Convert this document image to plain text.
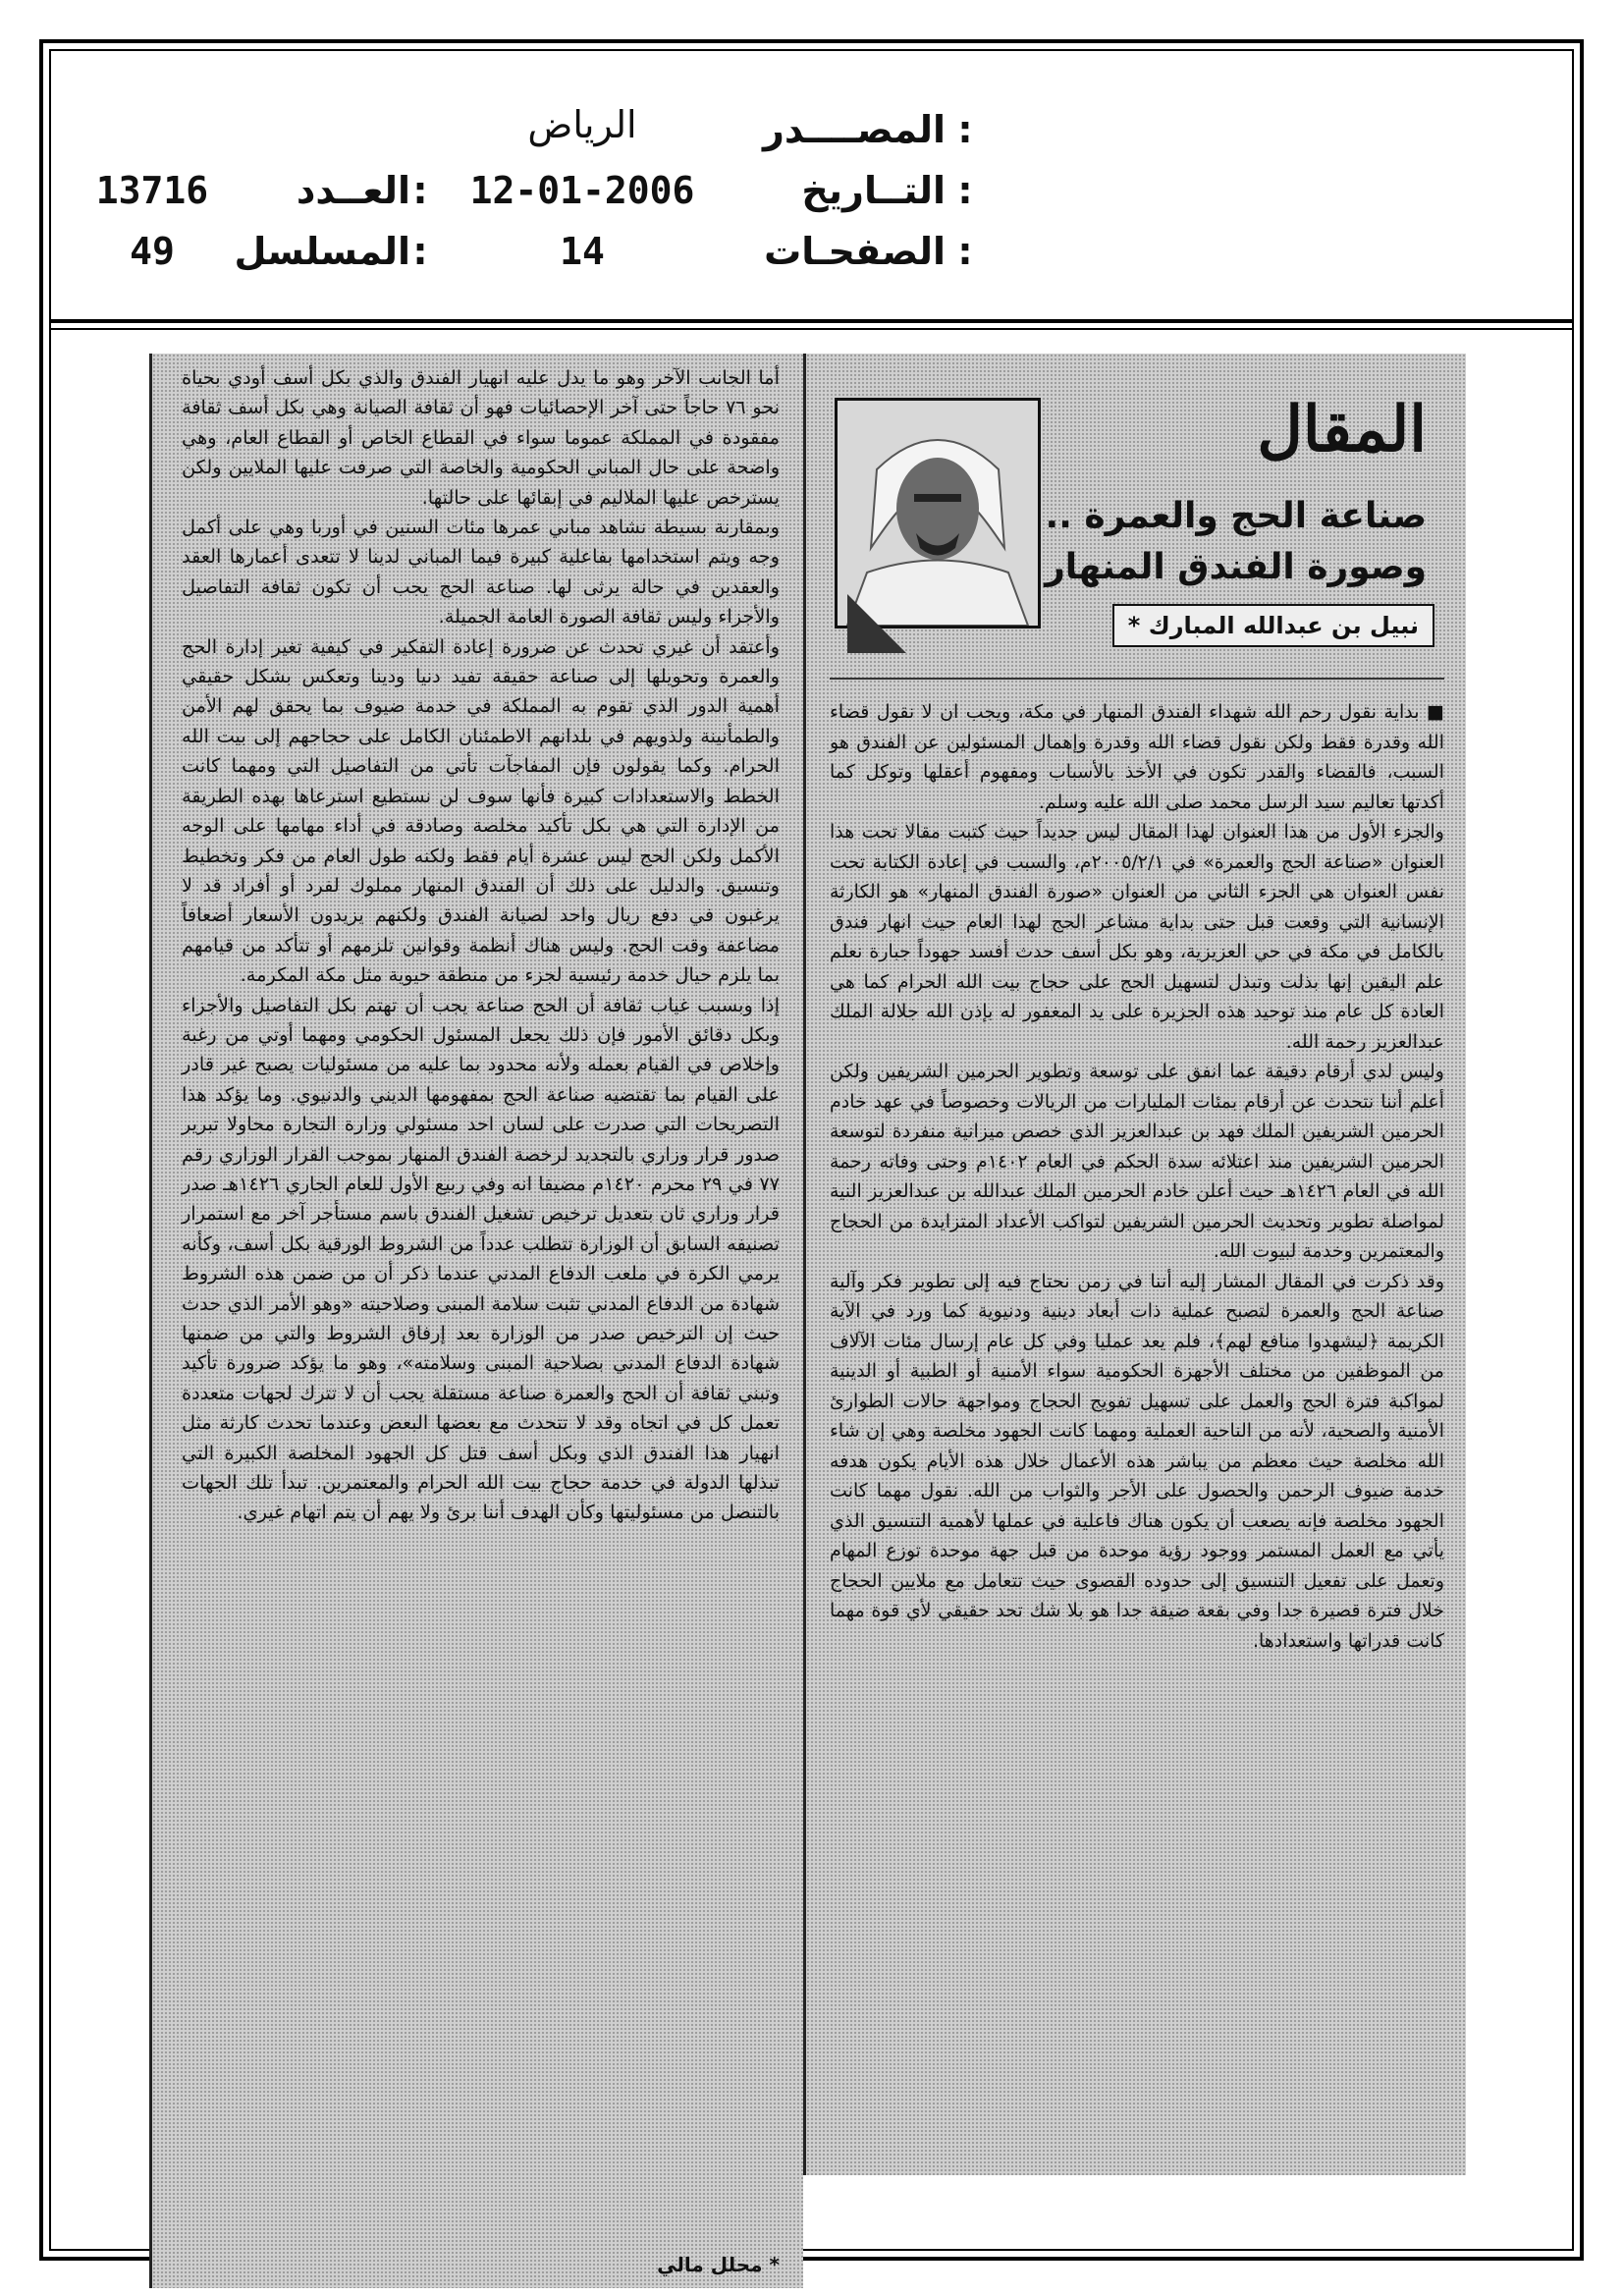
المصــــدر :
الرياض
التــاريخ :
12-01-2006
الصفحـات :
14
العــدد :
13716
المسلسل :
49
المقال
صناعة الحج والعمرة ..
وصورة الفندق المنهار
نبيل بن عبدالله المبارك *

■ بداية نقول رحم الله شهداء الفندق المنهار في مكة، ويجب ان لا نقول قضاء الله وقدرة فقط ولكن نقول قضاء الله وقدرة وإهمال المسئولين عن الفندق هو السبب، فالقضاء والقدر تكون في الأخذ بالأسباب ومفهوم أعقلها وتوكل كما أكدتها تعاليم سيد الرسل محمد صلى الله عليه وسلم.

والجزء الأول من هذا العنوان لهذا المقال ليس جديداً حيث كتبت مقالا تحت هذا العنوان «صناعة الحج والعمرة» في ٢٠٠٥/٢/١م، والسبب في إعادة الكتابة تحت نفس العنوان هي الجزء الثاني من العنوان «صورة الفندق المنهار» هو الكارثة الإنسانية التي وقعت قبل حتى بداية مشاعر الحج لهذا العام حيث انهار فندق بالكامل في مكة في حي العزيزية، وهو بكل أسف حدث أفسد جهوداً جبارة نعلم علم اليقين إنها بذلت وتبذل لتسهيل الحج على حجاج بيت الله الحرام كما هي العادة كل عام منذ توحيد هذه الجزيرة على يد المغفور له بإذن الله جلالة الملك عبدالعزيز رحمة الله.

وليس لدي أرقام دقيقة عما انفق على توسعة وتطوير الحرمين الشريفين ولكن أعلم أننا نتحدث عن أرقام بمئات المليارات من الريالات وخصوصاً في عهد خادم الحرمين الشريفين الملك فهد بن عبدالعزيز الذي خصص ميزانية منفردة لتوسعة الحرمين الشريفين منذ اعتلائه سدة الحكم في العام ١٤٠٢م وحتى وفاته رحمة الله في العام ١٤٢٦هـ حيث أعلن خادم الحرمين الملك عبدالله بن عبدالعزيز النية لمواصلة تطوير وتحديث الحرمين الشريفين لتواكب الأعداد المتزايدة من الحجاج والمعتمرين وخدمة لبيوت الله.

وقد ذكرت في المقال المشار إليه أننا في زمن نحتاج فيه إلى تطوير فكر وآلية صناعة الحج والعمرة لتصبح عملية ذات أبعاد دينية ودنيوية كما ورد في الآية الكريمة ﴿ليشهدوا منافع لهم﴾، فلم يعد عمليا وفي كل عام إرسال مئات الآلاف من الموظفين من مختلف الأجهزة الحكومية سواء الأمنية أو الطبية أو الدينية لمواكبة فترة الحج والعمل على تسهيل تفويج الحجاج ومواجهة حالات الطوارئ الأمنية والصحية، لأنه من الناحية العملية ومهما كانت الجهود مخلصة وهي إن شاء الله مخلصة حيث معظم من يباشر هذه الأعمال خلال هذه الأيام يكون هدفه خدمة ضيوف الرحمن والحصول على الأجر والثواب من الله. نقول مهما كانت الجهود مخلصة فإنه يصعب أن يكون هناك فاعلية في عملها لأهمية التنسيق الذي يأتي مع العمل المستمر ووجود رؤية موحدة من قبل جهة موحدة توزع المهام وتعمل على تفعيل التنسيق إلى حدوده القصوى حيث تتعامل مع ملايين الحجاج خلال فترة قصيرة جدا وفي بقعة ضيقة جدا هو بلا شك تحد حقيقي لأي قوة مهما كانت قدراتها واستعدادها.

أما الجانب الآخر وهو ما يدل عليه انهيار الفندق والذي بكل أسف أودي بحياة نحو ٧٦ حاجاً حتى آخر الإحصائيات فهو أن ثقافة الصيانة وهي بكل أسف ثقافة مفقودة في المملكة عموما سواء في القطاع الخاص أو القطاع العام، وهي واضحة على حال المباني الحكومية والخاصة التي صرفت عليها الملايين ولكن يسترخص عليها الملاليم في إبقائها على حالتها.

وبمقارنة بسيطة نشاهد مباني عمرها مئات السنين في أوربا وهي على أكمل وجه ويتم استخدامها بفاعلية كبيرة فيما المباني لدينا لا تتعدى أعمارها العقد والعقدين في حالة يرثى لها. صناعة الحج يجب أن تكون ثقافة التفاصيل والأجزاء وليس ثقافة الصورة العامة الجميلة.

وأعتقد أن غيري تحدث عن ضرورة إعادة التفكير في كيفية تغير إدارة الحج والعمرة وتحويلها إلى صناعة حقيقة تفيد دنيا ودينا وتعكس بشكل حقيقي أهمية الدور الذي تقوم به المملكة في خدمة ضيوف بما يحقق لهم الأمن والطمأنينة ولذويهم في بلدانهم الاطمئنان الكامل على حجاجهم إلى بيت الله الحرام. وكما يقولون فإن المفاجآت تأتي من التفاصيل التي ومهما كانت الخطط والاستعدادات كبيرة فأنها سوف لن نستطيع استرعاها بهذه الطريقة من الإدارة التي هي بكل تأكيد مخلصة وصادقة في أداء مهامها على الوجه الأكمل ولكن الحج ليس عشرة أيام فقط ولكنه طول العام من فكر وتخطيط وتنسيق. والدليل على ذلك أن الفندق المنهار مملوك لفرد أو أفراد قد لا يرغبون في دفع ريال واحد لصيانة الفندق ولكنهم يزيدون الأسعار أضعافاً مضاعفة وقت الحج. وليس هناك أنظمة وقوانين تلزمهم أو تتأكد من قيامهم بما يلزم حيال خدمة رئيسية لجزء من منطقة حيوية مثل مكة المكرمة.

إذا وبسبب غياب ثقافة أن الحج صناعة يجب أن تهتم بكل التفاصيل والأجزاء وبكل دقائق الأمور فإن ذلك يجعل المسئول الحكومي ومهما أوتي من رغبة وإخلاص في القيام بعمله ولأنه محدود بما عليه من مسئوليات يصبح غير قادر على القيام بما تقتضيه صناعة الحج بمفهومها الديني والدنيوي. وما يؤكد هذا التصريحات التي صدرت على لسان احد مسئولي وزارة التجارة محاولا تبرير صدور قرار وزاري بالتجديد لرخصة الفندق المنهار بموجب القرار الوزاري رقم ٧٧ في ٢٩ محرم ١٤٢٠م مضيفا انه وفي ربيع الأول للعام الجاري ١٤٢٦هـ صدر قرار وزاري ثان بتعديل ترخيص تشغيل الفندق باسم مستأجر آخر مع استمرار تصنيفه السابق أن الوزارة تتطلب عدداً من الشروط الورقية بكل أسف، وكأنه يرمي الكرة في ملعب الدفاع المدني عندما ذكر أن من ضمن هذه الشروط شهادة من الدفاع المدني تثبت سلامة المبنى وصلاحيته «وهو الأمر الذي حدث حيث إن الترخيص صدر من الوزارة بعد إرفاق الشروط والتي من ضمنها شهادة الدفاع المدني بصلاحية المبنى وسلامته»، وهو ما يؤكد ضرورة تأكيد وتبني ثقافة أن الحج والعمرة صناعة مستقلة يجب أن لا تترك لجهات متعددة تعمل كل في اتجاه وقد لا تتحدث مع بعضها البعض وعندما تحدث كارثة مثل انهيار هذا الفندق الذي وبكل أسف قتل كل الجهود المخلصة الكبيرة التي تبذلها الدولة في خدمة حجاج بيت الله الحرام والمعتمرين. تبدأ تلك الجهات بالتنصل من مسئوليتها وكأن الهدف أننا برئ ولا يهم أن يتم اتهام غيري.

* محلل مالي
